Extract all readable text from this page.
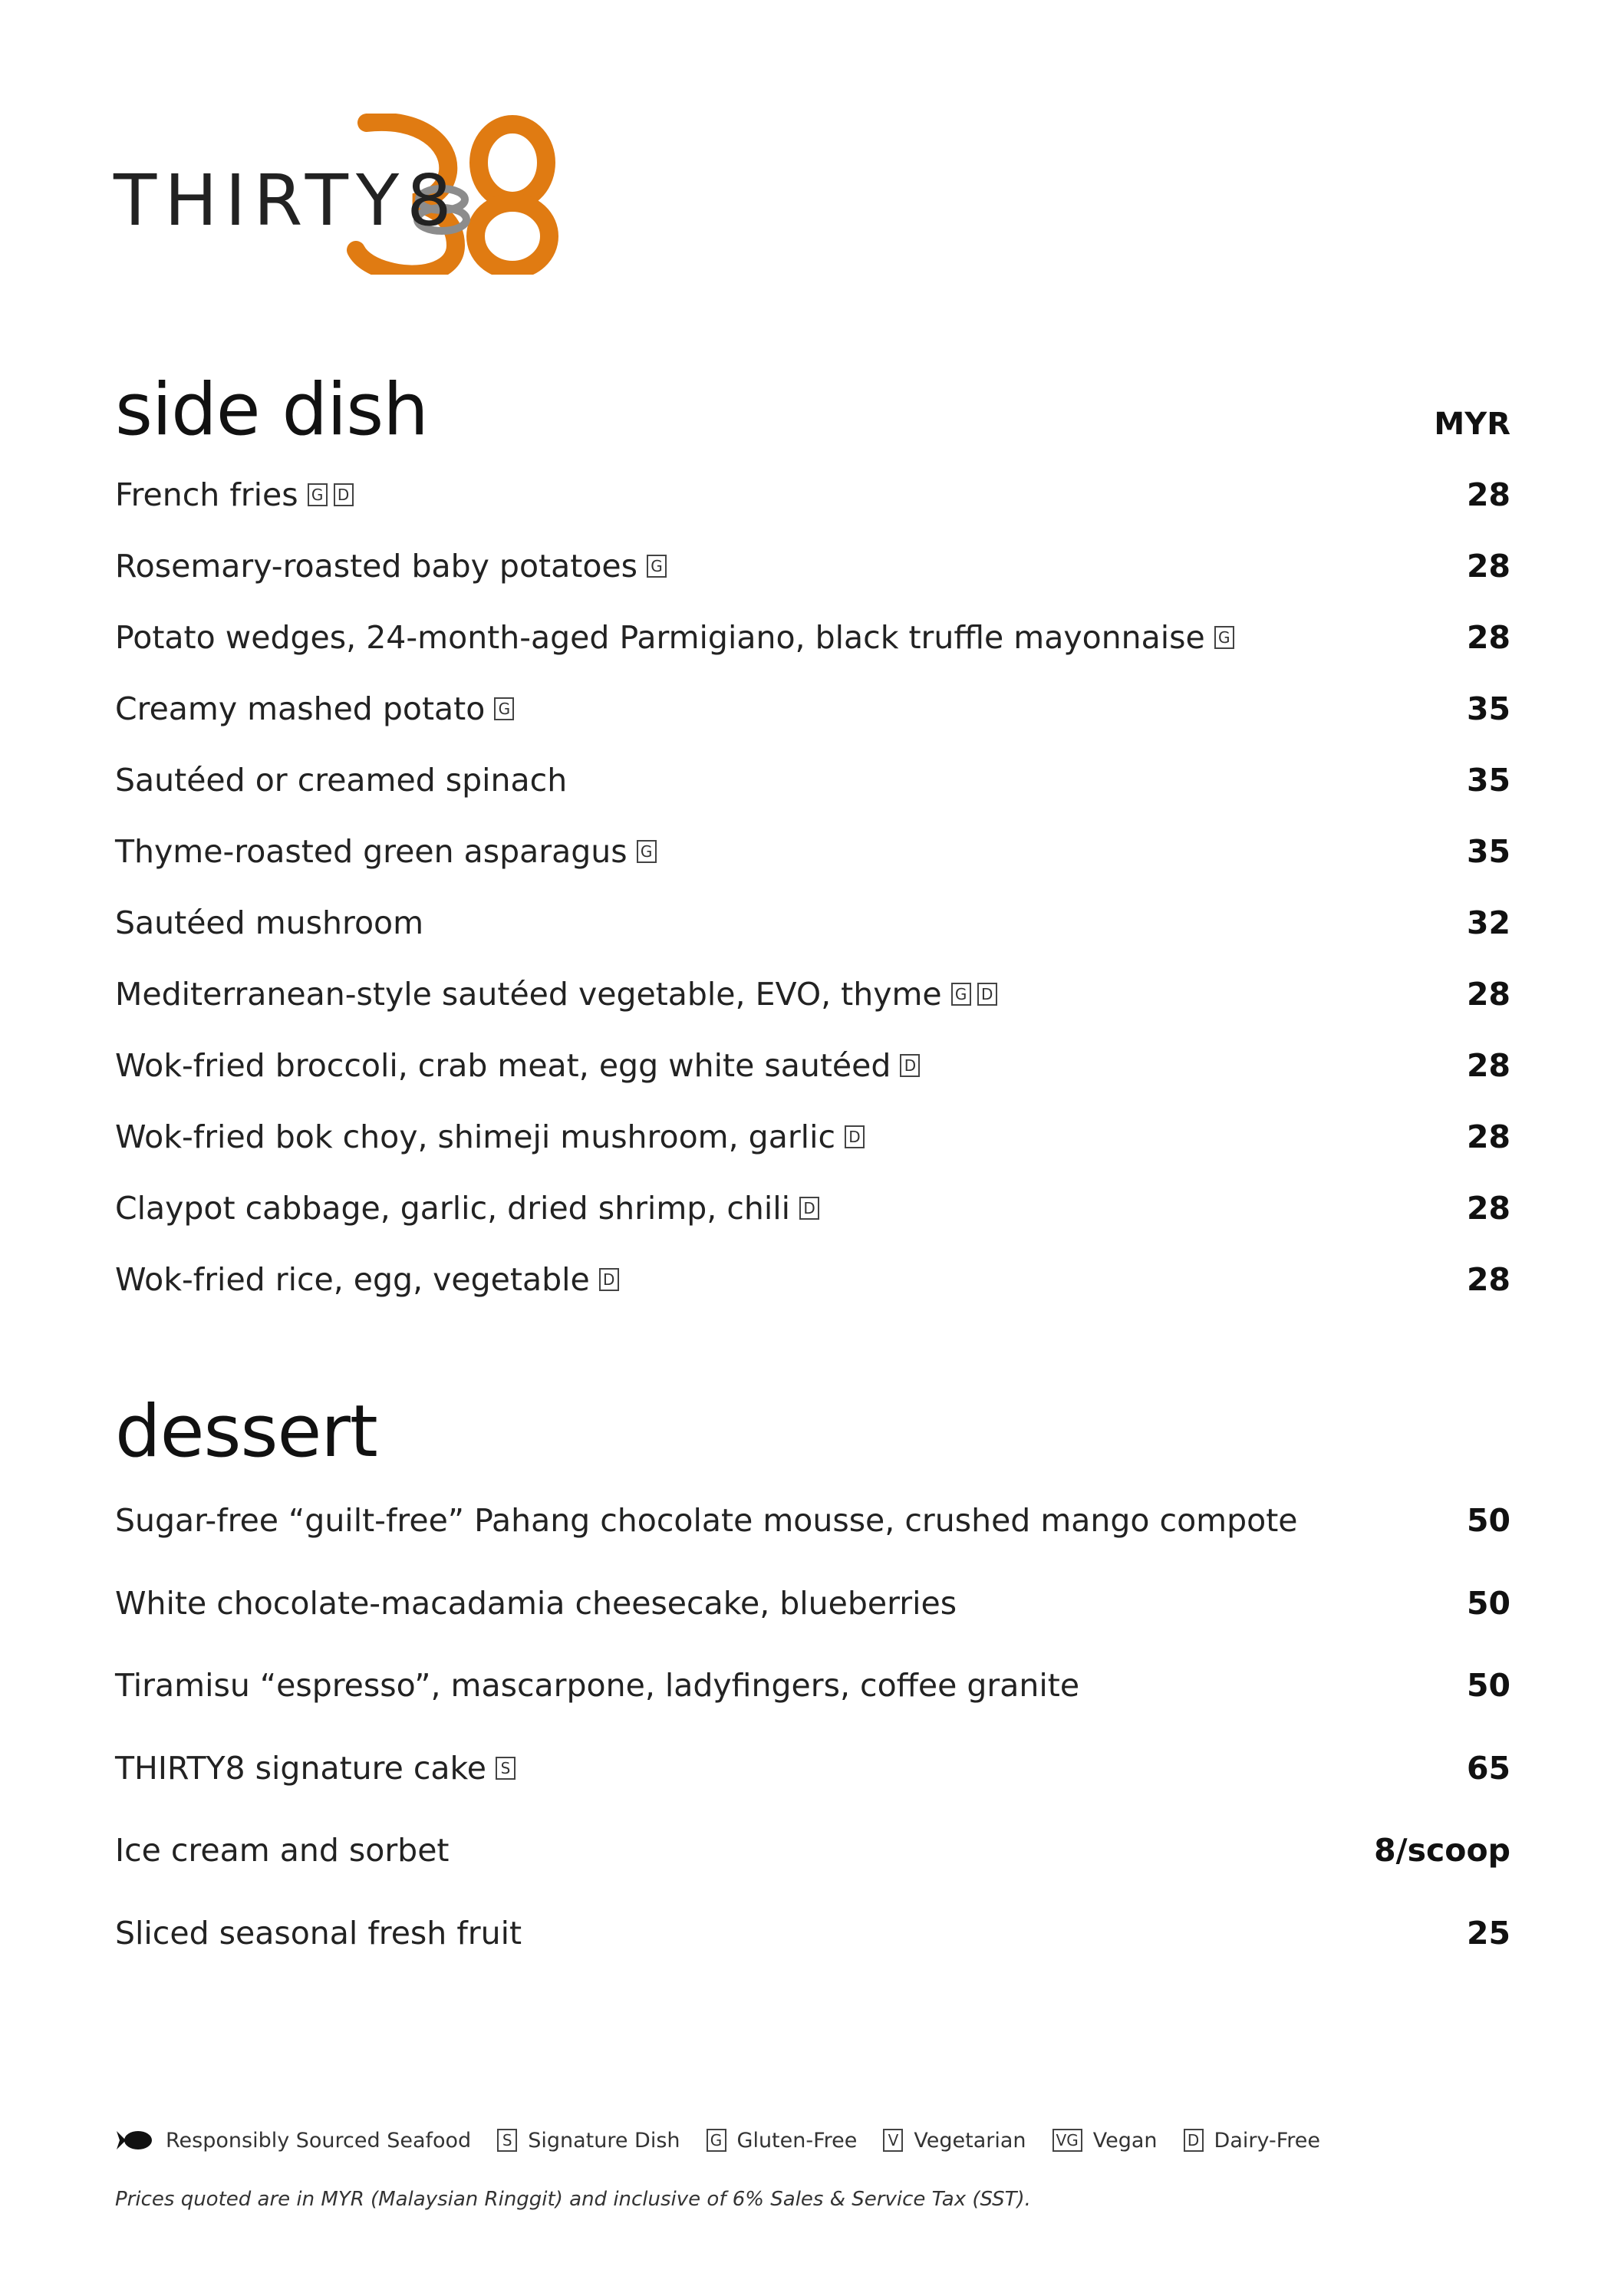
THIRTY8
side dish	MYR
French fries G D	28
Rosemary-roasted baby potatoes G	28
Potato wedges, 24-month-aged Parmigiano, black truffle mayonnaise G	28
Creamy mashed potato G	35
Sautéed or creamed spinach	35
Thyme-roasted green asparagus G	35
Sautéed mushroom	32
Mediterranean-style sautéed vegetable, EVO, thyme G D	28
Wok-fried broccoli, crab meat, egg white sautéed D	28
Wok-fried bok choy, shimeji mushroom, garlic D	28
Claypot cabbage, garlic, dried shrimp, chili D	28
Wok-fried rice, egg, vegetable D	28
dessert
Sugar-free “guilt-free” Pahang chocolate mousse, crushed mango compote	50
White chocolate-macadamia cheesecake, blueberries	50
Tiramisu “espresso”, mascarpone, ladyfingers, coffee granite	50
THIRTY8 signature cake S	65
Ice cream and sorbet	8/scoop
Sliced seasonal fresh fruit	25
Responsibly Sourced Seafood	S Signature Dish G Gluten-Free	V Vegetarian VG Vegan D Dairy-Free
Prices quoted are in MYR (Malaysian Ringgit) and inclusive of 6% Sales & Service Tax (SST).
